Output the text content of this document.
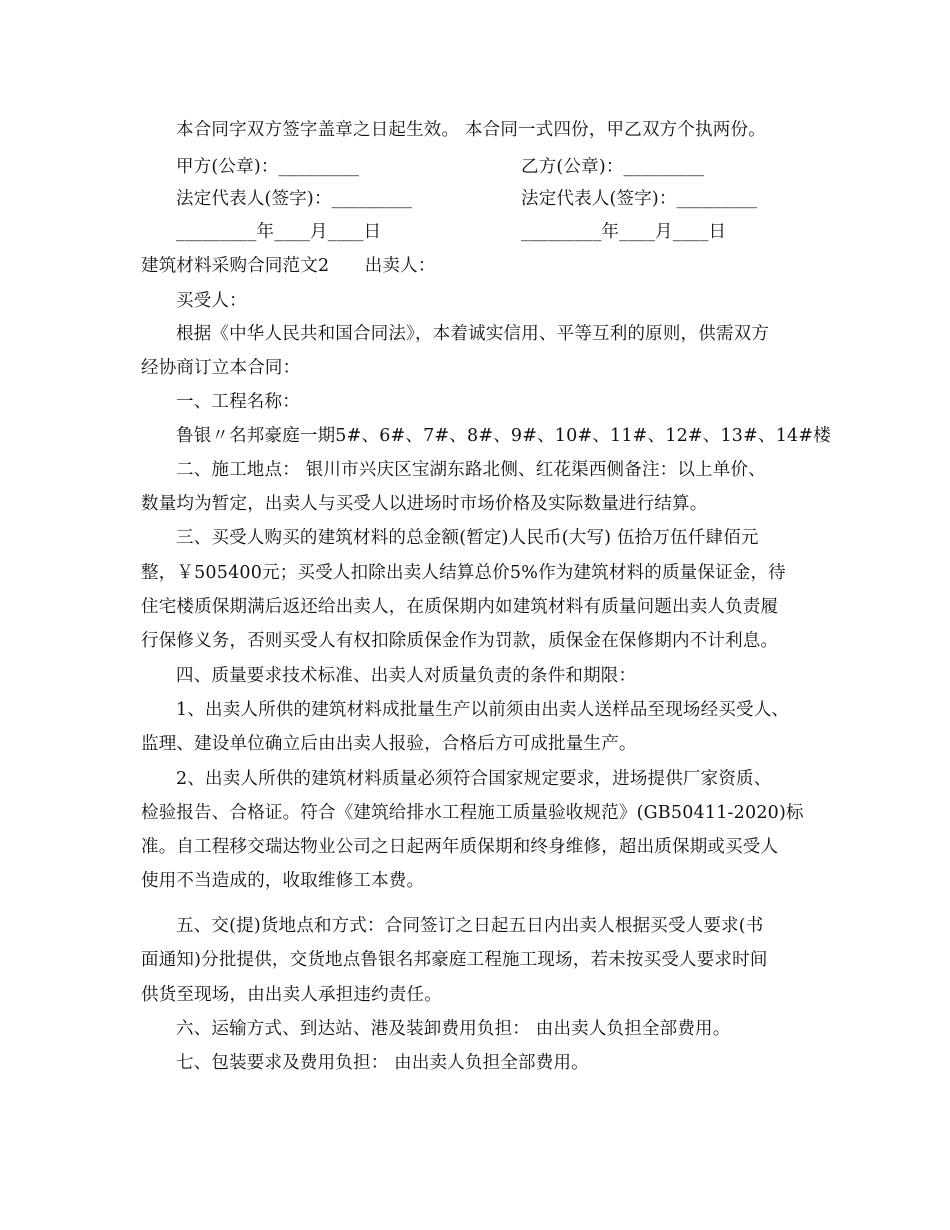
本合同字双方签字盖章之日起生效。 本合同一式四份，甲乙双方个执两份。
甲方(公章)：_________	乙方(公章)：_________
法定代表人(签字)：_________	法定代表人(签字)：_________
_________年____月____日	_________年____月____日
建筑材料采购合同范文2　　出卖人：
买受人：
根据《中华人民共和国合同法》，本着诚实信用、平等互利的原则，供需双方
经协商订立本合同：
一、工程名称：
鲁银〃名邦豪庭一期5#、6#、7#、8#、9#、10#、11#、12#、13#、14#楼
二、施工地点： 银川市兴庆区宝湖东路北侧、红花渠西侧备注：以上单价、
数量均为暂定，出卖人与买受人以进场时市场价格及实际数量进行结算。
三、买受人购买的建筑材料的总金额(暂定)人民币(大写) 伍拾万伍仟肆佰元
整，￥505400元；买受人扣除出卖人结算总价5%作为建筑材料的质量保证金，待
住宅楼质保期满后返还给出卖人，在质保期内如建筑材料有质量问题出卖人负责履
行保修义务，否则买受人有权扣除质保金作为罚款，质保金在保修期内不计利息。
四、质量要求技术标准、出卖人对质量负责的条件和期限：
1、出卖人所供的建筑材料成批量生产以前须由出卖人送样品至现场经买受人、
监理、建设单位确立后由出卖人报验，合格后方可成批量生产。
2、出卖人所供的建筑材料质量必须符合国家规定要求，进场提供厂家资质、
检验报告、合格证。符合《建筑给排水工程施工质量验收规范》(GB50411-2020)标
准。自工程移交瑞达物业公司之日起两年质保期和终身维修，超出质保期或买受人
使用不当造成的，收取维修工本费。
五、交(提)货地点和方式：合同签订之日起五日内出卖人根据买受人要求(书
面通知)分批提供，交货地点鲁银名邦豪庭工程施工现场，若未按买受人要求时间
供货至现场，由出卖人承担违约责任。
六、运输方式、到达站、港及装卸费用负担： 由出卖人负担全部费用。
七、包装要求及费用负担： 由出卖人负担全部费用。
